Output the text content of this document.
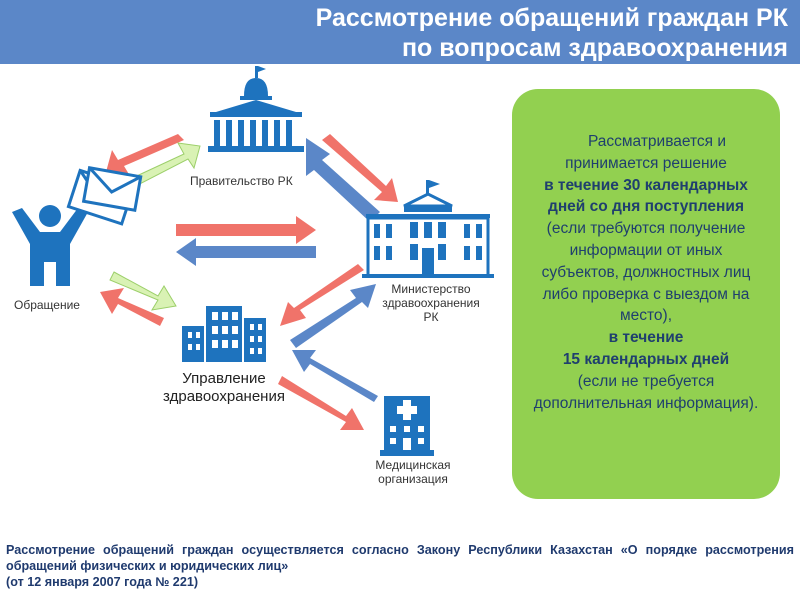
Рассмотрение обращений граждан РК
по вопросам здравоохранения
Правительство РК
Обращение
Министерство
здравоохранения
РК
Управление
здравоохранения
Медицинская
организация
Рассматривается и принимается решение
в течение 30 календарных дней со дня поступления (если требуются получение информации от иных субъектов, должностных лиц либо проверка с выездом на место),
в течение
15 календарных дней
(если не требуется дополнительная информация).
Рассмотрение обращений граждан осуществляется согласно Закону Республики Казахстан «О порядке рассмотрения обращений физических и юридических лиц»
(от 12 января 2007 года № 221)
